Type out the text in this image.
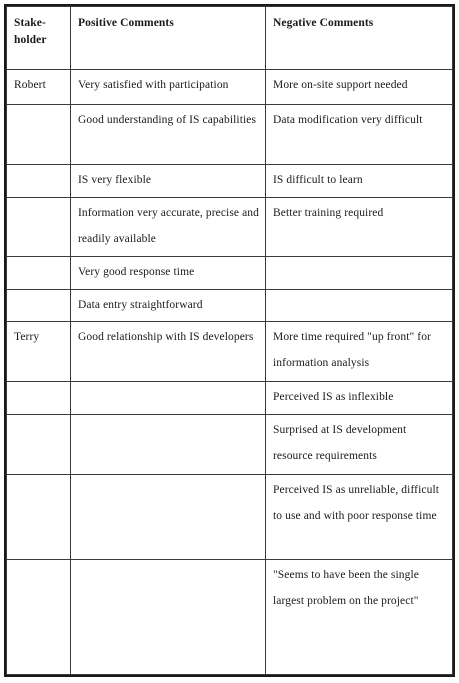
Stake-
holder	Positive Comments	Negative Comments
Robert	Very satisfied with participation	More on-site support needed
	Good understanding of IS capabilities	Data modification very difficult
	IS very flexible	IS difficult to learn
	Information very accurate, precise and readily available	Better training required
	Very good response time	
	Data entry straightforward	
Terry	Good relationship with IS developers	More time required "up front" for information analysis
		Perceived IS as inflexible
		Surprised at IS development resource requirements
		Perceived IS as unreliable, difficult to use and with poor response time
		"Seems to have been the single largest problem on the project"
